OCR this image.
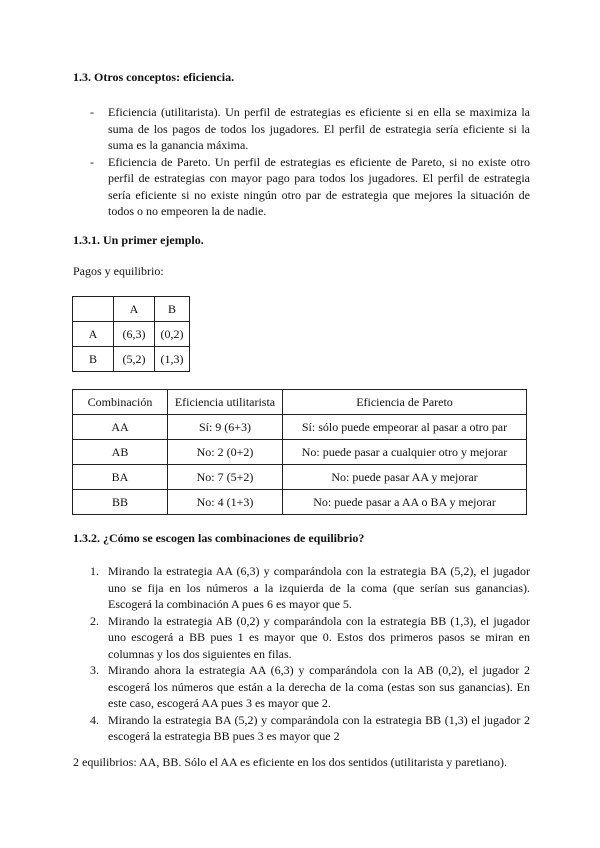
1.3. Otros conceptos: eficiencia.

- Eficiencia (utilitarista). Un perfil de estrategias es eficiente si en ella se maximiza la suma de los pagos de todos los jugadores. El perfil de estrategia sería eficiente si la suma es la ganancia máxima.
- Eficiencia de Pareto. Un perfil de estrategias es eficiente de Pareto, si no existe otro perfil de estrategias con mayor pago para todos los jugadores. El perfil de estrategia sería eficiente si no existe ningún otro par de estrategia que mejores la situación de todos o no empeoren la de nadie.

1.3.1. Un primer ejemplo.

Pagos y equilibrio:

	A	B
A	(6,3)	(0,2)
B	(5,2)	(1,3)
Combinación	Eficiencia utilitarista	Eficiencia de Pareto
AA	Sí: 9 (6+3)	Sí: sólo puede empeorar al pasar a otro par
AB	No: 2 (0+2)	No: puede pasar a cualquier otro y mejorar
BA	No: 7 (5+2)	No: puede pasar AA y mejorar
BB	No: 4 (1+3)	No: puede pasar a AA o BA y mejorar

1.3.2. ¿Cómo se escogen las combinaciones de equilibrio?

1. Mirando la estrategia AA (6,3) y comparándola con la estrategia BA (5,2), el jugador uno se fija en los números a la izquierda de la coma (que serían sus ganancias). Escogerá la combinación A pues 6 es mayor que 5.
2. Mirando la estrategia AB (0,2) y comparándola con la estrategia BB (1,3), el jugador uno escogerá a BB pues 1 es mayor que 0. Estos dos primeros pasos se miran en columnas y los dos siguientes en filas.
3. Mirando ahora la estrategia AA (6,3) y comparándola con la AB (0,2), el jugador 2 escogerá los números que están a la derecha de la coma (estas son sus ganancias). En este caso, escogerá AA pues 3 es mayor que 2.
4. Mirando la estrategia BA (5,2) y comparándola con la estrategia BB (1,3) el jugador 2 escogerá la estrategia BB pues 3 es mayor que 2

2 equilibrios: AA, BB. Sólo el AA es eficiente en los dos sentidos (utilitarista y paretiano).
